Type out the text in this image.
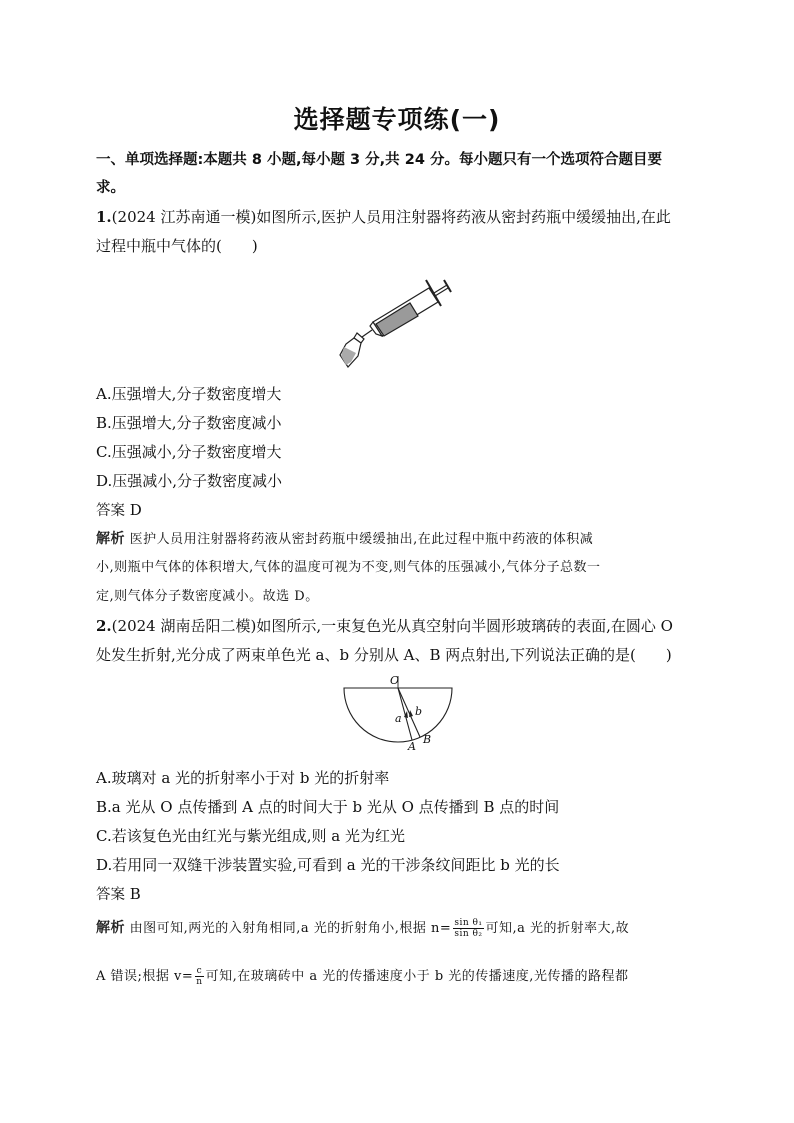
选择题专项练(一)
一、单项选择题:本题共 8 小题,每小题 3 分,共 24 分。每小题只有一个选项符合题目要
求。
1.(2024 江苏南通一模)如图所示,医护人员用注射器将药液从密封药瓶中缓缓抽出,在此
过程中瓶中气体的(　　)
A.压强增大,分子数密度增大
B.压强增大,分子数密度减小
C.压强减小,分子数密度增大
D.压强减小,分子数密度减小
答案 D
解析 医护人员用注射器将药液从密封药瓶中缓缓抽出,在此过程中瓶中药液的体积减
小,则瓶中气体的体积增大,气体的温度可视为不变,则气体的压强减小,气体分子总数一
定,则气体分子数密度减小。故选 D。
2.(2024 湖南岳阳二模)如图所示,一束复色光从真空射向半圆形玻璃砖的表面,在圆心 O
处发生折射,光分成了两束单色光 a、b 分别从 A、B 两点射出,下列说法正确的是(　　)
O
a
b
A
B
A.玻璃对 a 光的折射率小于对 b 光的折射率
B.a 光从 O 点传播到 A 点的时间大于 b 光从 O 点传播到 B 点的时间
C.若该复色光由红光与紫光组成,则 a 光为红光
D.若用同一双缝干涉装置实验,可看到 a 光的干涉条纹间距比 b 光的长
答案 B
解析 由图可知,两光的入射角相同,a 光的折射角小,根据 $n= \frac{\text{sin θ₁}}{\text{sin θ₂}}$ 可知,a 光的折射率大,故
A 错误;根据 $v= \frac{c}{n}$ 可知,在玻璃砖中 a 光的传播速度小于 b 光的传播速度,光传播的路程都
